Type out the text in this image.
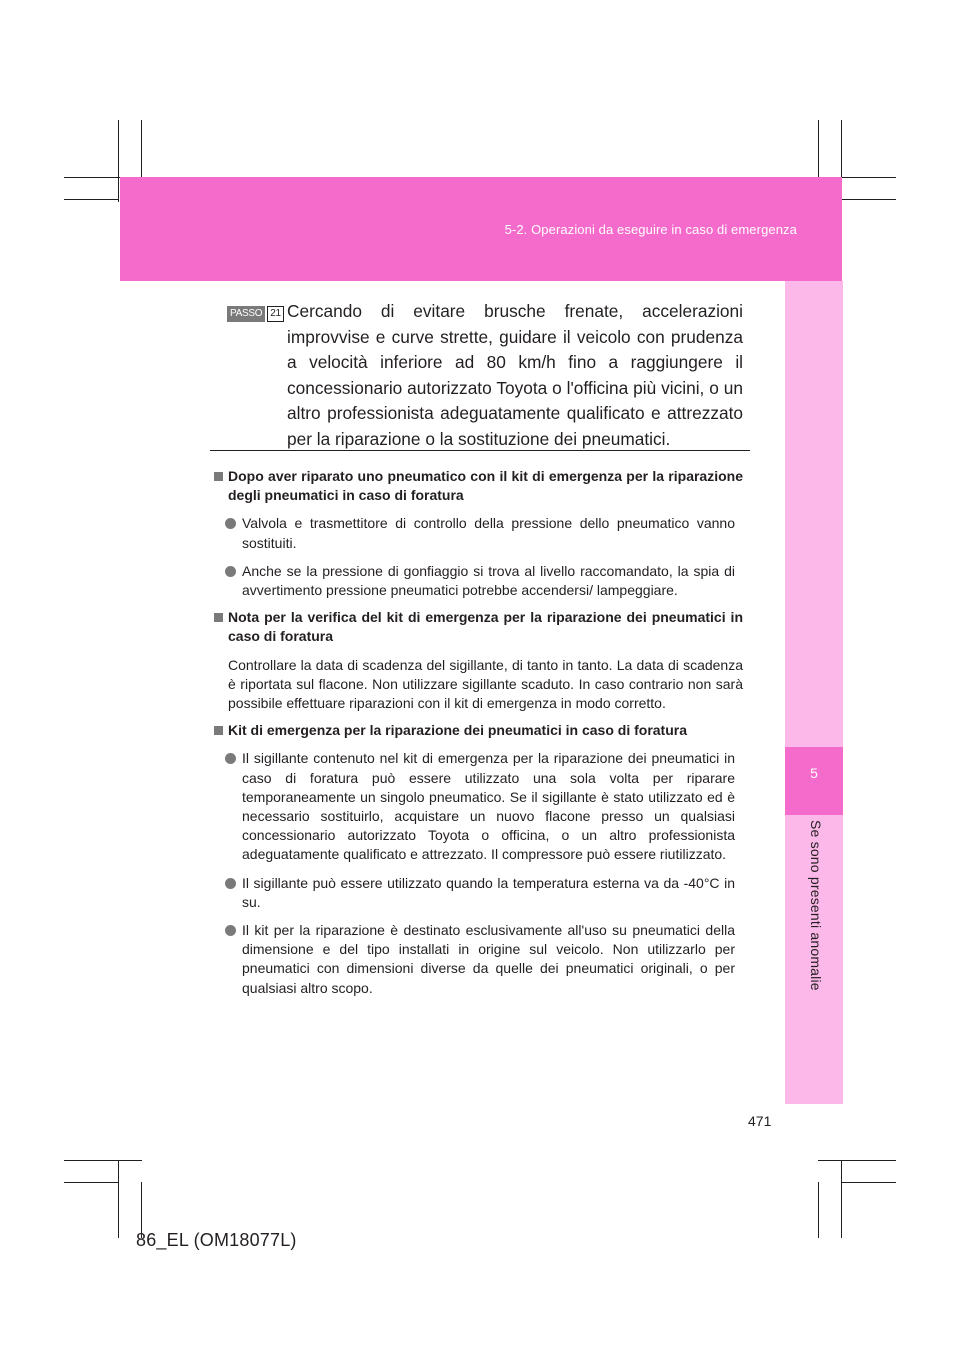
5-2. Operazioni da eseguire in caso di emergenza
5
Se sono presenti anomalie
PASSO 21 Cercando di evitare brusche frenate, accelerazioni improvvise e curve strette, guidare il veicolo con prudenza a velocità inferiore ad 80 km/h fino a raggiungere il concessionario autorizzato Toyota o l'officina più vicini, o un altro professionista adeguatamente qualificato e attrezzato per la riparazione o la sostituzione dei pneumatici.

Dopo aver riparato uno pneumatico con il kit di emergenza per la riparazione degli pneumatici in caso di foratura
Valvola e trasmettitore di controllo della pressione dello pneumatico vanno sostituiti.
Anche se la pressione di gonfiaggio si trova al livello raccomandato, la spia di avvertimento pressione pneumatici potrebbe accendersi/ lampeggiare.
Nota per la verifica del kit di emergenza per la riparazione dei pneumatici in caso di foratura
Controllare la data di scadenza del sigillante, di tanto in tanto. La data di scadenza è riportata sul flacone. Non utilizzare sigillante scaduto. In caso contrario non sarà possibile effettuare riparazioni con il kit di emergenza in modo corretto.
Kit di emergenza per la riparazione dei pneumatici in caso di foratura
Il sigillante contenuto nel kit di emergenza per la riparazione dei pneumatici in caso di foratura può essere utilizzato una sola volta per riparare temporaneamente un singolo pneumatico. Se il sigillante è stato utilizzato ed è necessario sostituirlo, acquistare un nuovo flacone presso un qualsiasi concessionario autorizzato Toyota o officina, o un altro professionista adeguatamente qualificato e attrezzato. Il compressore può essere riutilizzato.
Il sigillante può essere utilizzato quando la temperatura esterna va da -40°C in su.
Il kit per la riparazione è destinato esclusivamente all'uso su pneumatici della dimensione e del tipo installati in origine sul veicolo. Non utilizzarlo per pneumatici con dimensioni diverse da quelle dei pneumatici originali, o per qualsiasi altro scopo.
471
86_EL (OM18077L)
